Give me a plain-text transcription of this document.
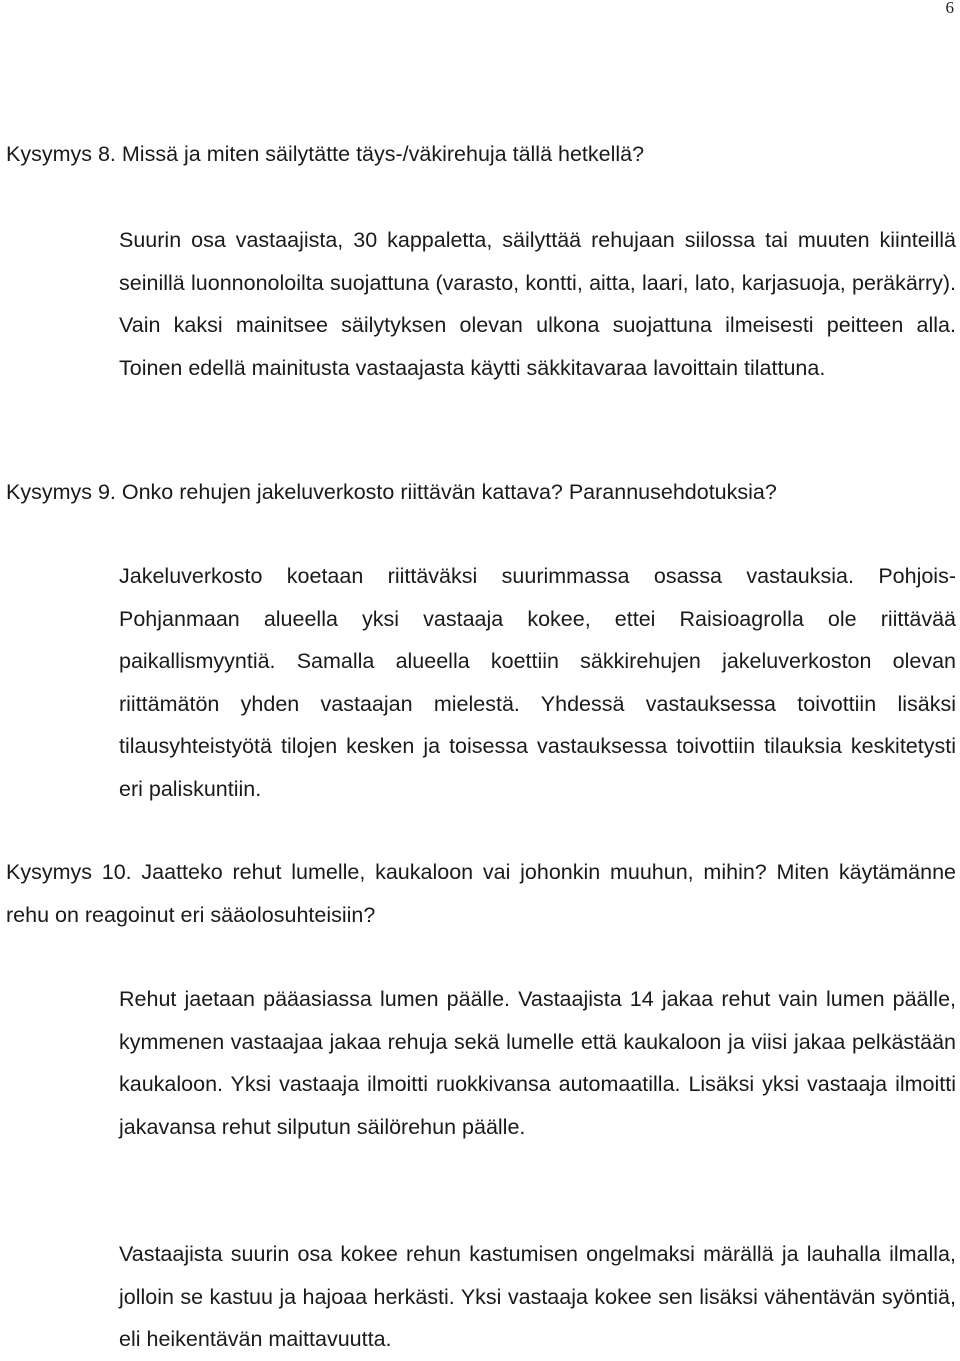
6

Kysymys 8. Missä ja miten säilytätte täys-/väkirehuja tällä hetkellä?

Suurin osa vastaajista, 30 kappaletta, säilyttää rehujaan siilossa tai muuten kiinteillä seinillä luonnonoloilta suojattuna (varasto, kontti, aitta, laari, lato, karjasuoja, peräkärry). Vain kaksi mainitsee säilytyksen olevan ulkona suojattuna ilmeisesti peitteen alla. Toinen edellä mainitusta vastaajasta käytti säkkitavaraa lavoittain tilattuna.

Kysymys 9. Onko rehujen jakeluverkosto riittävän kattava? Parannusehdotuksia?

Jakeluverkosto koetaan riittäväksi suurimmassa osassa vastauksia. Pohjois-Pohjanmaan alueella yksi vastaaja kokee, ettei Raisioagrolla ole riittävää paikallismyyntiä. Samalla alueella koettiin säkkirehujen jakeluverkoston olevan riittämätön yhden vastaajan mielestä. Yhdessä vastauksessa toivottiin lisäksi tilausyhteistyötä tilojen kesken ja toisessa vastauksessa toivottiin tilauksia keskitetysti eri paliskuntiin.

Kysymys 10. Jaatteko rehut lumelle, kaukaloon vai johonkin muuhun, mihin? Miten käytämänne rehu on reagoinut eri sääolosuhteisiin?

Rehut jaetaan pääasiassa lumen päälle. Vastaajista 14 jakaa rehut vain lumen päälle, kymmenen vastaajaa jakaa rehuja sekä lumelle että kaukaloon ja viisi jakaa pelkästään kaukaloon. Yksi vastaaja ilmoitti ruokkivansa automaatilla. Lisäksi yksi vastaaja ilmoitti jakavansa rehut silputun säilörehun päälle.

Vastaajista suurin osa kokee rehun kastumisen ongelmaksi märällä ja lauhalla ilmalla, jolloin se kastuu ja hajoaa herkästi. Yksi vastaaja kokee sen lisäksi vähentävän syöntiä, eli heikentävän maittavuutta.
